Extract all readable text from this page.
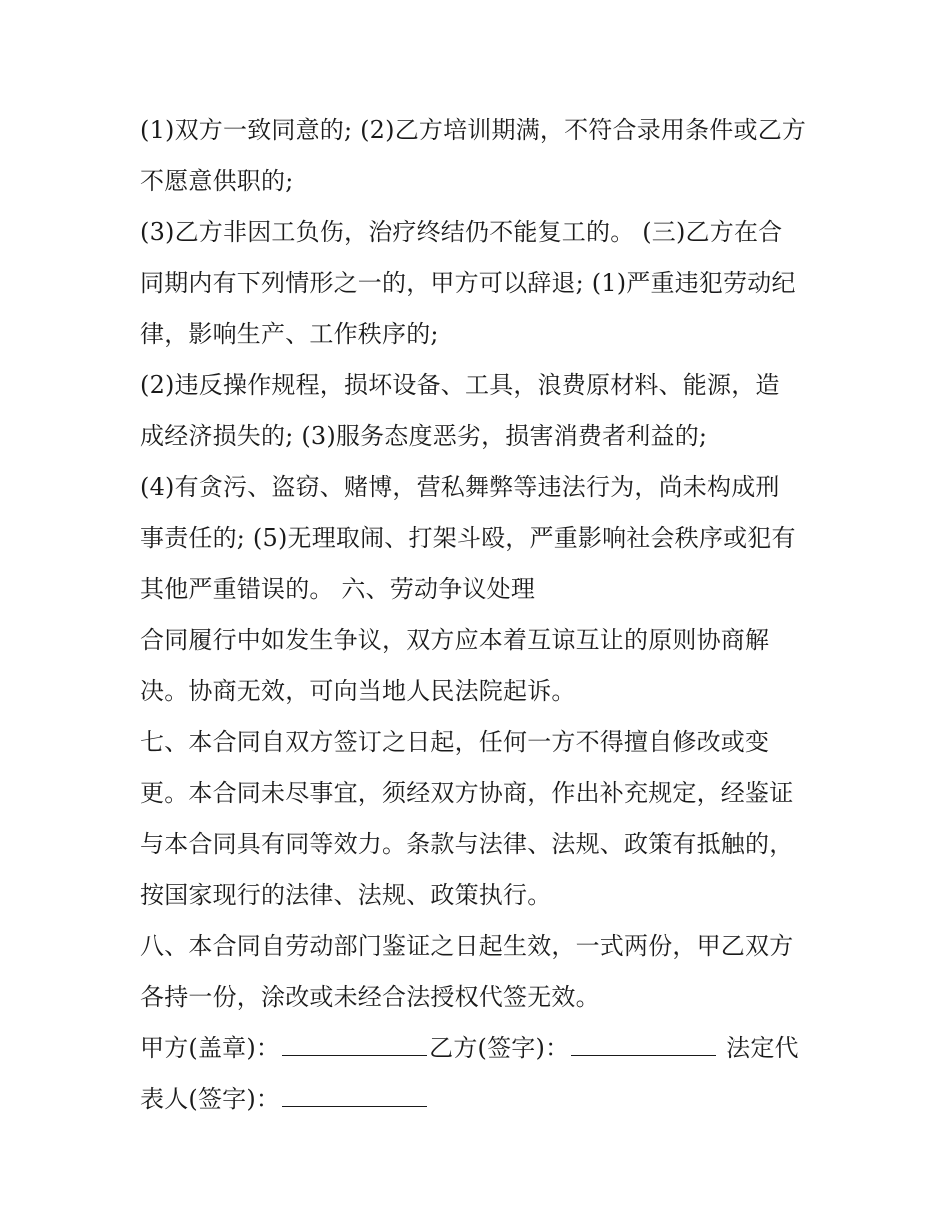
(1)双方一致同意的; (2)乙方培训期满，不符合录用条件或乙方
不愿意供职的;
(3)乙方非因工负伤，治疗终结仍不能复工的。 (三)乙方在合
同期内有下列情形之一的，甲方可以辞退; (1)严重违犯劳动纪
律，影响生产、工作秩序的;
(2)违反操作规程，损坏设备、工具，浪费原材料、能源，造
成经济损失的; (3)服务态度恶劣，损害消费者利益的;
(4)有贪污、盗窃、赌博，营私舞弊等违法行为，尚未构成刑
事责任的; (5)无理取闹、打架斗殴，严重影响社会秩序或犯有
其他严重错误的。 六、劳动争议处理
合同履行中如发生争议，双方应本着互谅互让的原则协商解
决。协商无效，可向当地人民法院起诉。
七、本合同自双方签订之日起，任何一方不得擅自修改或变
更。本合同未尽事宜，须经双方协商，作出补充规定，经鉴证
与本合同具有同等效力。条款与法律、法规、政策有抵触的，
按国家现行的法律、法规、政策执行。
八、本合同自劳动部门鉴证之日起生效，一式两份，甲乙双方
各持一份，涂改或未经合法授权代签无效。
甲方(盖章)：	乙方(签字)：	法定代
表人(签字)：
